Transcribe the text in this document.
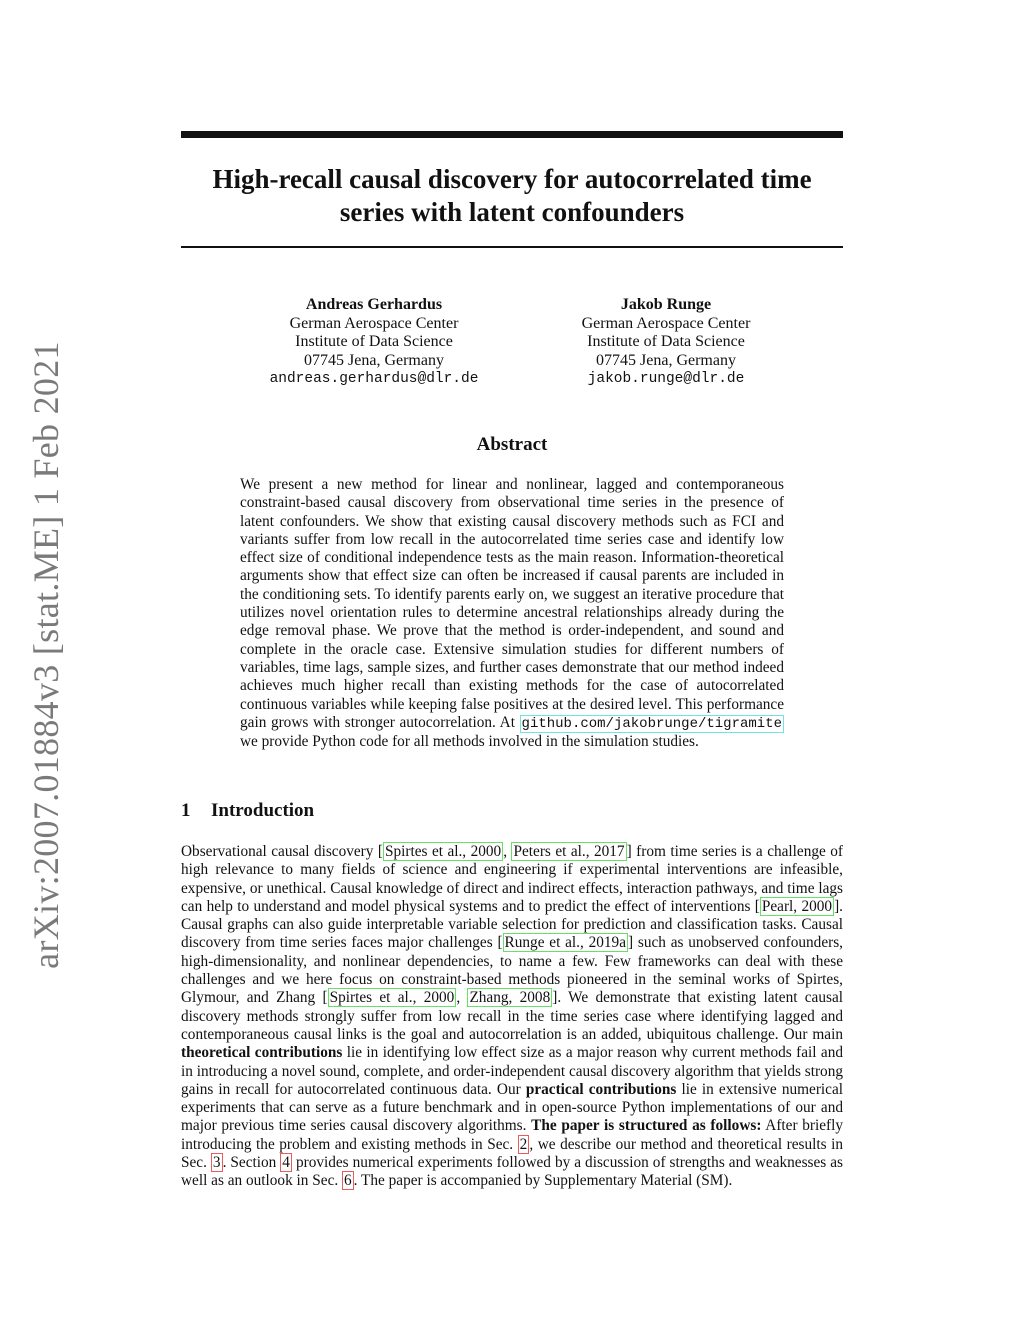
arXiv:2007.01884v3 [stat.ME] 1 Feb 2021
High-recall causal discovery for autocorrelated time series with latent confounders
Andreas Gerhardus
German Aerospace Center
Institute of Data Science
07745 Jena, Germany
andreas.gerhardus@dlr.de
Jakob Runge
German Aerospace Center
Institute of Data Science
07745 Jena, Germany
jakob.runge@dlr.de
Abstract

We present a new method for linear and nonlinear, lagged and contemporaneous constraint-based causal discovery from observational time series in the presence of latent confounders. We show that existing causal discovery methods such as FCI and variants suffer from low recall in the autocorrelated time series case and identify low effect size of conditional independence tests as the main reason. Information-theoretical arguments show that effect size can often be increased if causal parents are included in the conditioning sets. To identify parents early on, we suggest an iterative procedure that utilizes novel orientation rules to determine ancestral relationships already during the edge removal phase. We prove that the method is order-independent, and sound and complete in the oracle case. Extensive simulation studies for different numbers of variables, time lags, sample sizes, and further cases demonstrate that our method indeed achieves much higher recall than existing methods for the case of autocorrelated continuous variables while keeping false positives at the desired level. This performance gain grows with stronger autocorrelation. At github.com/jakobrunge/tigramite we provide Python code for all methods involved in the simulation studies.

1 Introduction

Observational causal discovery [ Spirtes et al., 2000 , Peters et al., 2017 ] from time series is a challenge of high relevance to many fields of science and engineering if experimental interventions are infeasible, expensive, or unethical. Causal knowledge of direct and indirect effects, interaction pathways, and time lags can help to understand and model physical systems and to predict the effect of interventions [ Pearl, 2000 ]. Causal graphs can also guide interpretable variable selection for prediction and classification tasks. Causal discovery from time series faces major challenges [ Runge et al., 2019a ] such as unobserved confounders, high-dimensionality, and nonlinear dependencies, to name a few. Few frameworks can deal with these challenges and we here focus on constraint-based methods pioneered in the seminal works of Spirtes, Glymour, and Zhang [ Spirtes et al., 2000 , Zhang, 2008 ]. We demonstrate that existing latent causal discovery methods strongly suffer from low recall in the time series case where identifying lagged and contemporaneous causal links is the goal and autocorrelation is an added, ubiquitous challenge. Our main theoretical contributions lie in identifying low effect size as a major reason why current methods fail and in introducing a novel sound, complete, and order-independent causal discovery algorithm that yields strong gains in recall for autocorrelated continuous data. Our practical contributions lie in extensive numerical experiments that can serve as a future benchmark and in open-source Python implementations of our and major previous time series causal discovery algorithms. The paper is structured as follows: After briefly introducing the problem and existing methods in Sec. 2 , we describe our method and theoretical results in Sec. 3 . Section 4 provides numerical experiments followed by a discussion of strengths and weaknesses as well as an outlook in Sec. 6 . The paper is accompanied by Supplementary Material (SM).
